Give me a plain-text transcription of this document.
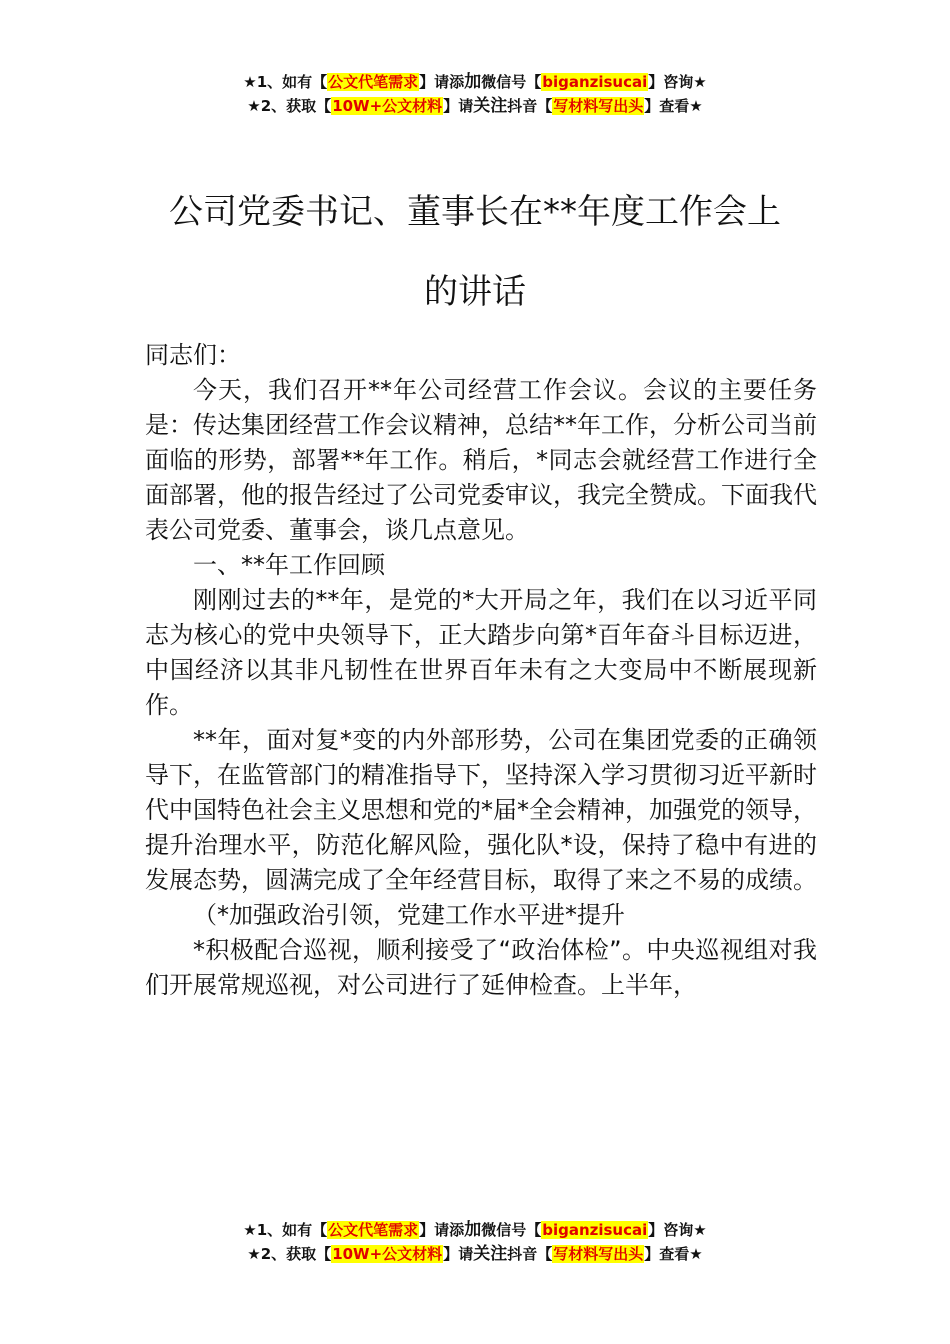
★1、如有【公文代笔需求】请添加微信号【biganzisucai】咨询★
★2、获取【10W+公文材料】请关注抖音【写材料写出头】查看★
公司党委书记、董事长在**年度工作会上
的讲话

同志们：

今天，我们召开**年公司经营工作会议。会议的主要任务是：传达集团经营工作会议精神，总结**年工作，分析公司当前面临的形势，部署**年工作。稍后，*同志会就经营工作进行全面部署，他的报告经过了公司党委审议，我完全赞成。下面我代表公司党委、董事会，谈几点意见。

一、**年工作回顾

刚刚过去的**年，是党的*大开局之年，我们在以习近平同志为核心的党中央领导下，正大踏步向第*百年奋斗目标迈进，中国经济以其非凡韧性在世界百年未有之大变局中不断展现新作。

**年，面对复*变的内外部形势，公司在集团党委的正确领导下，在监管部门的精准指导下，坚持深入学习贯彻习近平新时代中国特色社会主义思想和党的*届*全会精神，加强党的领导，提升治理水平，防范化解风险，强化队*设，保持了稳中有进的发展态势，圆满完成了全年经营目标，取得了来之不易的成绩。

（*加强政治引领，党建工作水平进*提升

*积极配合巡视，顺利接受了“政治体检”。中央巡视组对我们开展常规巡视，对公司进行了延伸检查。上半年，

★1、如有【公文代笔需求】请添加微信号【biganzisucai】咨询★
★2、获取【10W+公文材料】请关注抖音【写材料写出头】查看★
